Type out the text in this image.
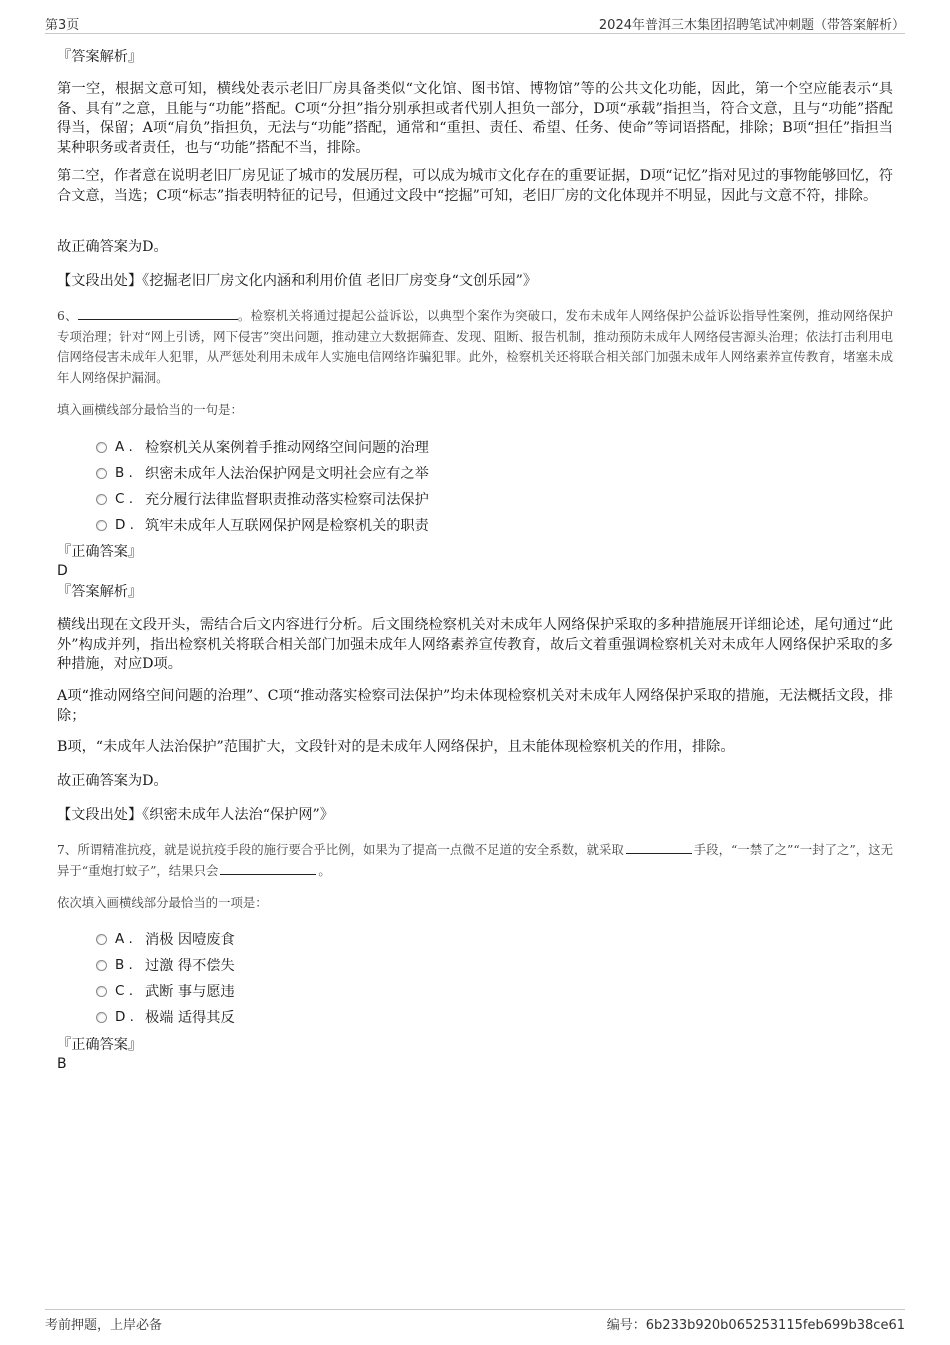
第3页	2024年普洱三木集团招聘笔试冲刺题（带答案解析）
『答案解析』
第一空，根据文意可知，横线处表示老旧厂房具备类似“文化馆、图书馆、博物馆”等的公共文化功能，因此，第一个空应能表示“具备、具有”之意，且能与“功能”搭配。C项“分担”指分别承担或者代别人担负一部分，D项“承载”指担当，符合文意，且与“功能”搭配得当，保留；A项“肩负”指担负，无法与“功能”搭配，通常和“重担、责任、希望、任务、使命”等词语搭配，排除；B项“担任”指担当某种职务或者责任，也与“功能”搭配不当，排除。
第二空，作者意在说明老旧厂房见证了城市的发展历程，可以成为城市文化存在的重要证据，D项“记忆”指对见过的事物能够回忆，符合文意，当选；C项“标志”指表明特征的记号，但通过文段中“挖掘”可知，老旧厂房的文化体现并不明显，因此与文意不符，排除。
故正确答案为D。
【文段出处】《挖掘老旧厂房文化内涵和利用价值 老旧厂房变身“文创乐园”》
6、	。检察机关将通过提起公益诉讼，以典型个案作为突破口，发布未成年人网络保护公益诉讼指导性案例，推动网络保护专项治理；针对“网上引诱，网下侵害”突出问题，推动建立大数据筛查、发现、阻断、报告机制，推动预防未成年人网络侵害源头治理；依法打击利用电信网络侵害未成年人犯罪，从严惩处利用未成年人实施电信网络诈骗犯罪。此外，检察机关还将联合相关部门加强未成年人网络素养宣传教育，堵塞未成年人网络保护漏洞。
填入画横线部分最恰当的一句是：
A . 检察机关从案例着手推动网络空间问题的治理
B . 织密未成年人法治保护网是文明社会应有之举
C . 充分履行法律监督职责推动落实检察司法保护
D . 筑牢未成年人互联网保护网是检察机关的职责
『正确答案』
D
『答案解析』
横线出现在文段开头，需结合后文内容进行分析。后文围绕检察机关对未成年人网络保护采取的多种措施展开详细论述，尾句通过“此外”构成并列，指出检察机关将联合相关部门加强未成年人网络素养宣传教育，故后文着重强调检察机关对未成年人网络保护采取的多种措施，对应D项。
A项“推动网络空间问题的治理”、C项“推动落实检察司法保护”均未体现检察机关对未成年人网络保护采取的措施，无法概括文段，排除；
B项，“未成年人法治保护”范围扩大，文段针对的是未成年人网络保护，且未能体现检察机关的作用，排除。
故正确答案为D。
【文段出处】《织密未成年人法治“保护网”》
7、所谓精准抗疫，就是说抗疫手段的施行要合乎比例，如果为了提高一点微不足道的安全系数，就采取	手段，“一禁了之”“一封了之”，这无异于“重炮打蚊子”，结果只会	。
依次填入画横线部分最恰当的一项是：
A . 消极 因噎废食
B . 过激 得不偿失
C . 武断 事与愿违
D . 极端 适得其反
『正确答案』
B
考前押题，上岸必备	编号：6b233b920b065253115feb699b38ce61
